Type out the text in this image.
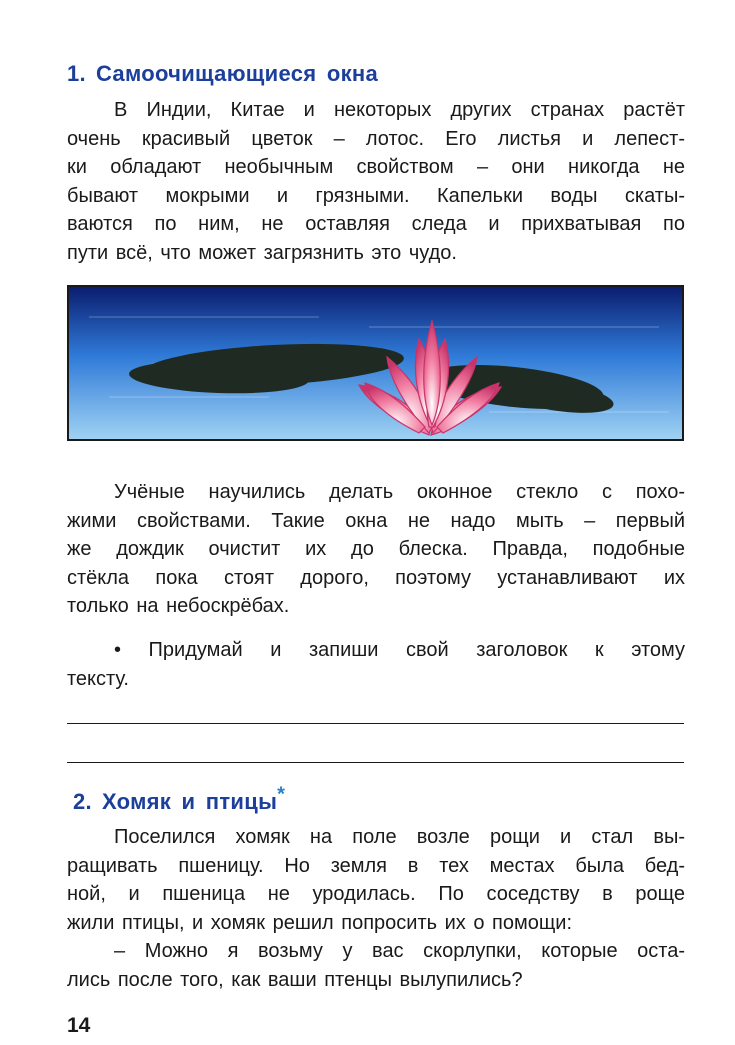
1. Самоочищающиеся окна

В Индии, Китае и некоторых других странах растёт
очень красивый цветок – лотос. Его листья и лепест-
ки обладают необычным свойством – они никогда не
бывают мокрыми и грязными. Капельки воды скаты-
ваются по ним, не оставляя следа и прихватывая по
пути всё, что может загрязнить это чудо.

Учёные научились делать оконное стекло с похо-
жими свойствами. Такие окна не надо мыть – первый
же дождик очистит их до блеска. Правда, подобные
стёкла пока стоят дорого, поэтому устанавливают их
только на небоскрёбах.

• Придумай и запиши свой заголовок к этому
тексту.

2. Хомяк и птицы*

Поселился хомяк на поле возле рощи и стал вы-
ращивать пшеницу. Но земля в тех местах была бед-
ной, и пшеница не уродилась. По соседству в роще
жили птицы, и хомяк решил попросить их о помощи:
– Можно я возьму у вас скорлупки, которые оста-
лись после того, как ваши птенцы вылупились?

14
